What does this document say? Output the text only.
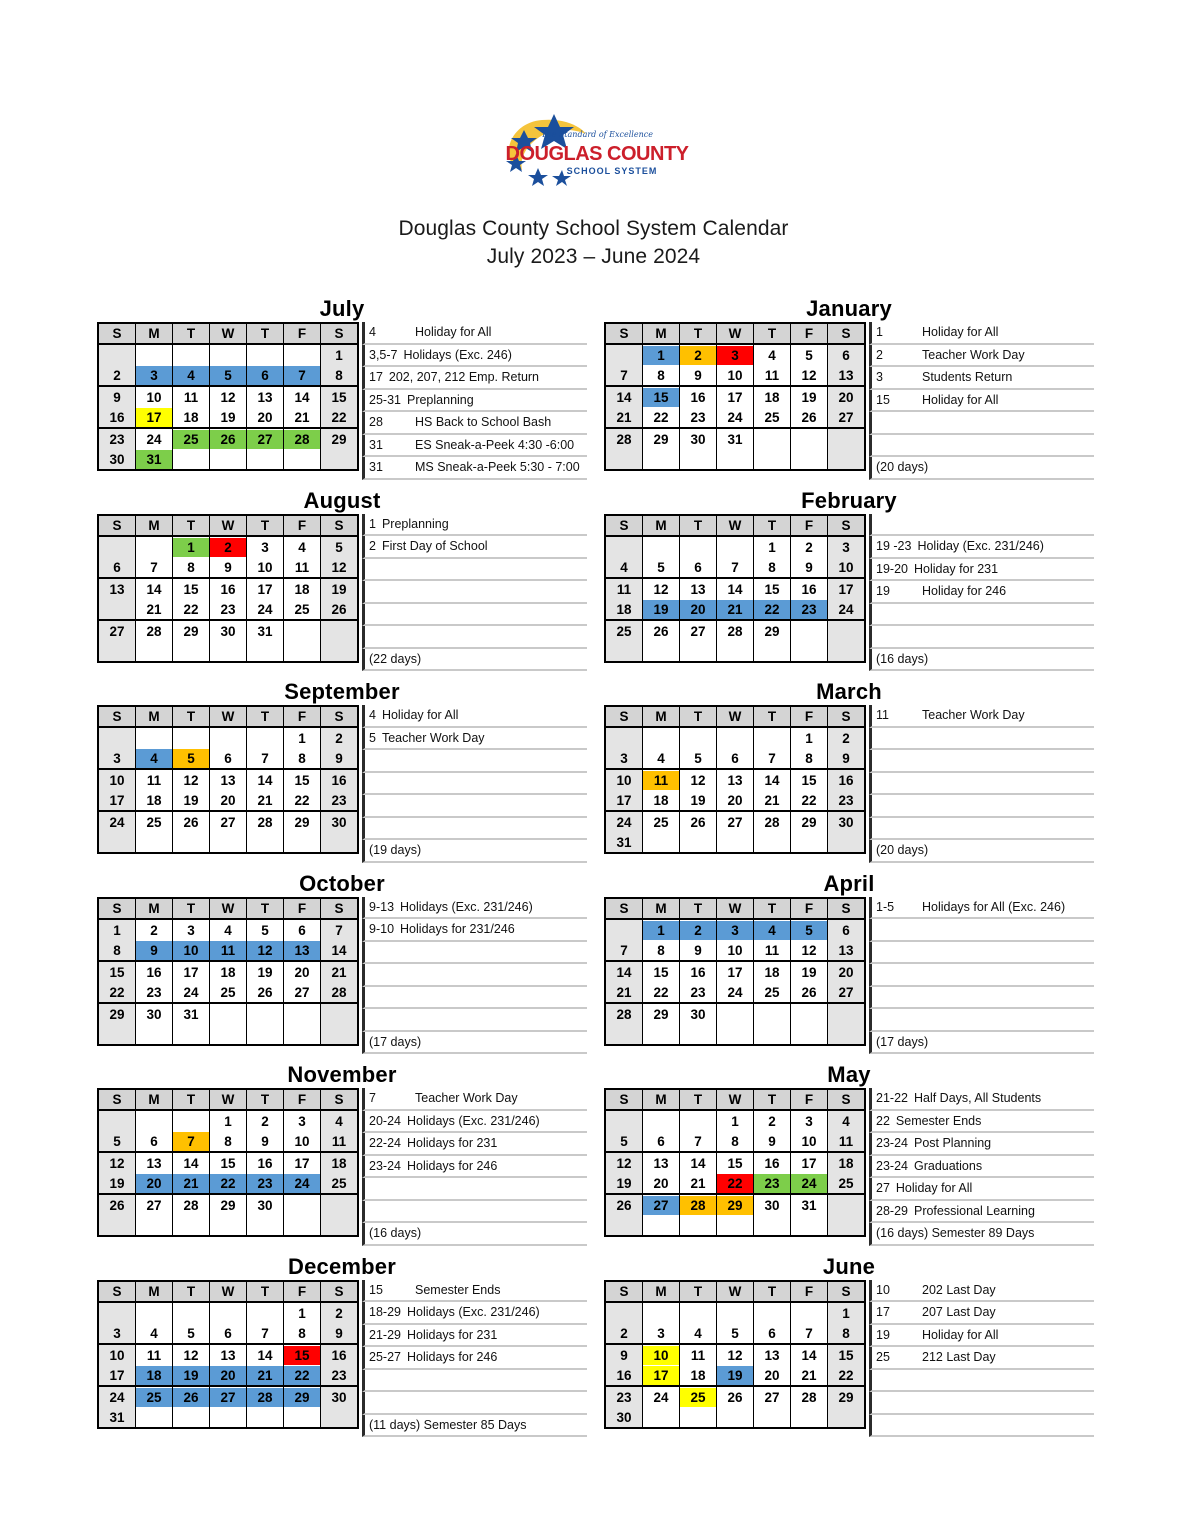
The Standard of Excellence
DOUGLAS COUNTY
SCHOOL SYSTEM
Douglas County School System Calendar
July 2023 – June 2024
July
S	M	T	W	T	F	S

						1

2	3	4	5	6	7	8

9	10	11	12	13	14	15

16	17	18	19	20	21	22

23	24	25	26	27	28	29

30	31					

4	Holiday for All
3,5-7 Holidays (Exc. 246)
17 202, 207, 212 Emp. Return
25-31 Preplanning
28	HS Back to School Bash
31	ES Sneak-a-Peek 4:30 -6:00
31	MS Sneak-a-Peek 5:30 - 7:00
January
S	M	T	W	T	F	S

	1	2	3	4	5	6

7	8	9	10	11	12	13

14	15	16	17	18	19	20

21	22	23	24	25	26	27

28	29	30	31			

1	Holiday for All
2	Teacher Work Day
3	Students Return
15	Holiday for All
(20 days)
August
S	M	T	W	T	F	S

		1	2	3	4	5

6	7	8	9	10	11	12

13	14	15	16	17	18	19

	21	22	23	24	25	26

27	28	29	30	31		

1 Preplanning
2 First Day of School
(22 days)
February
S	M	T	W	T	F	S

				1	2	3

4	5	6	7	8	9	10

11	12	13	14	15	16	17

18	19	20	21	22	23	24

25	26	27	28	29		

19 -23 Holiday (Exc. 231/246)
19-20 Holiday for 231
19	Holiday for 246
(16 days)
September
S	M	T	W	T	F	S

					1	2

3	4	5	6	7	8	9

10	11	12	13	14	15	16

17	18	19	20	21	22	23

24	25	26	27	28	29	30

4 Holiday for All
5 Teacher Work Day
(19 days)
March
S	M	T	W	T	F	S

					1	2

3	4	5	6	7	8	9

10	11	12	13	14	15	16

17	18	19	20	21	22	23

24	25	26	27	28	29	30

31						

11	Teacher Work Day
(20 days)
October
S	M	T	W	T	F	S

1	2	3	4	5	6	7

8	9	10	11	12	13	14

15	16	17	18	19	20	21

22	23	24	25	26	27	28

29	30	31				

9-13 Holidays (Exc. 231/246)
9-10 Holidays for 231/246
(17 days)
April
S	M	T	W	T	F	S

	1	2	3	4	5	6

7	8	9	10	11	12	13

14	15	16	17	18	19	20

21	22	23	24	25	26	27

28	29	30				

1-5	Holidays for All (Exc. 246)
(17 days)
November
S	M	T	W	T	F	S

			1	2	3	4

5	6	7	8	9	10	11

12	13	14	15	16	17	18

19	20	21	22	23	24	25

26	27	28	29	30		

7	Teacher Work Day
20-24 Holidays (Exc. 231/246)
22-24 Holidays for 231
23-24 Holidays for 246
(16 days)
May
S	M	T	W	T	F	S

			1	2	3	4

5	6	7	8	9	10	11

12	13	14	15	16	17	18

19	20	21	22	23	24	25

26	27	28	29	30	31	

21-22 Half Days, All Students
22 Semester Ends
23-24 Post Planning
23-24 Graduations
27 Holiday for All
28-29 Professional Learning
(16 days) Semester 89 Days
December
S	M	T	W	T	F	S

					1	2

3	4	5	6	7	8	9

10	11	12	13	14	15	16

17	18	19	20	21	22	23

24	25	26	27	28	29	30

31						

15	Semester Ends
18-29 Holidays (Exc. 231/246)
21-29 Holidays for 231
25-27 Holidays for 246
(11 days) Semester 85 Days
June
S	M	T	W	T	F	S

						1

2	3	4	5	6	7	8

9	10	11	12	13	14	15

16	17	18	19	20	21	22

23	24	25	26	27	28	29

30						

10	202 Last Day
17	207 Last Day
19	Holiday for All
25	212 Last Day
